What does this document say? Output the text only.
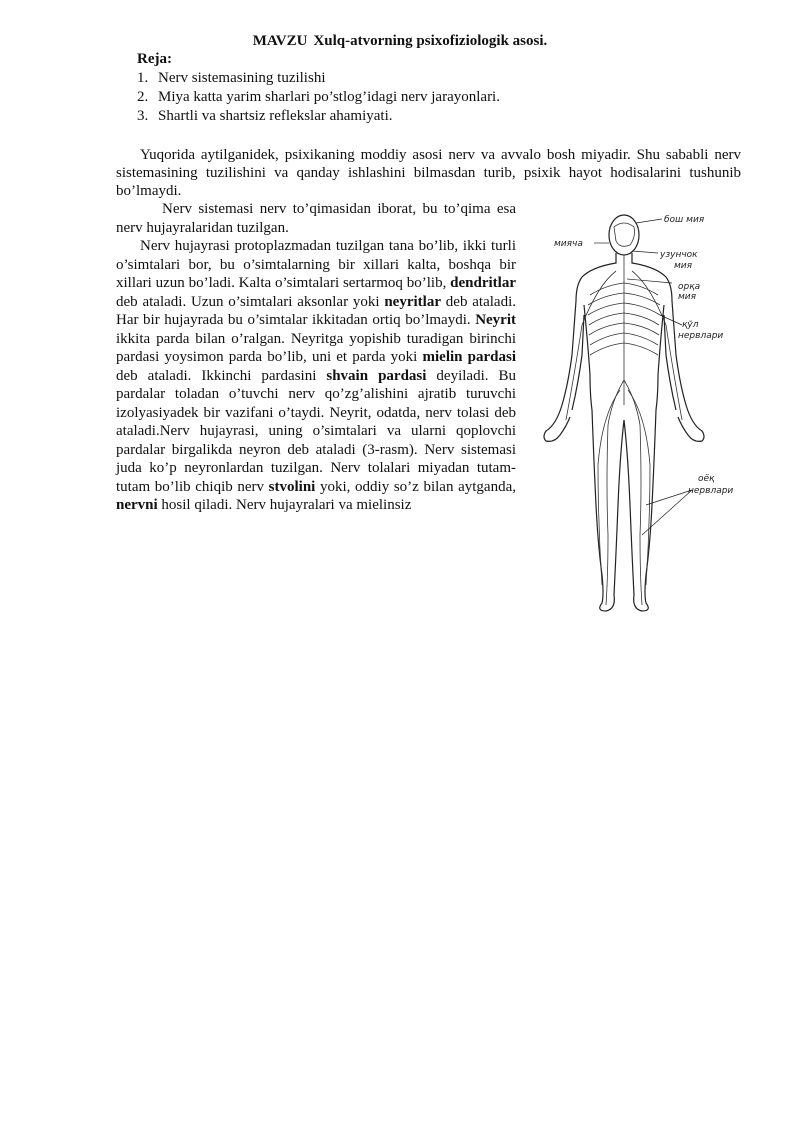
MAVZU Xulq-atvorning psixofiziologik asosi.
Reja:
1. Nerv sistemasining tuzilishi
2. Miya katta yarim sharlari po’stlog’idagi nerv jarayonlari.
3. Shartli va shartsiz reflekslar ahamiyati.

Yuqorida aytilganidek, psixikaning moddiy asosi nerv va avvalo bosh miyadir. Shu sababli nerv sistemasining tuzilishini va qanday ishlashini bilmasdan turib, psixik hayot hodisalarini tushunib bo’lmaydi.

Nerv sistemasi nerv to’qimasidan iborat, bu to’qima esa nerv hujayralaridan tuzilgan.

Nerv hujayrasi protoplazmadan tuzilgan tana bo’lib, ikki turli o’simtalari bor, bu o’simtalarning bir xillari kalta, boshqa bir xillari uzun bo’ladi. Kalta o’simtalari sertarmoq bo’lib, dendritlar deb ataladi. Uzun o’simtalari aksonlar yoki neyritlar deb ataladi. Har bir hujayrada bu o’simtalar ikkitadan ortiq bo’lmaydi. Neyrit ikkita parda bilan o’ralgan. Neyritga yopishib turadigan birinchi pardasi yoysimon parda bo’lib, uni et parda yoki mielin pardasi deb ataladi. Ikkinchi pardasini shvain pardasi deyiladi. Bu pardalar toladan o’tuvchi nerv qo’zg’alishini ajratib turuvchi izolyasiyadek bir vazifani o’taydi. Neyrit, odatda, nerv tolasi deb ataladi.Nerv hujayrasi, uning o’simtalari va ularni qoplovchi pardalar birgalikda neyron deb ataladi (3-rasm). Nerv sistemasi juda ko’p neyronlardan tuzilgan. Nerv tolalari miyadan tutam-tutam bo’lib chiqib nerv stvolini yoki, oddiy so’z bilan aytganda, nervni hosil qiladi. Nerv hujayralari va mielinsiz

бош мия
мияча
узунчок
мия
орқа
мия
қўл
нервлари
оёқ
нервлари
